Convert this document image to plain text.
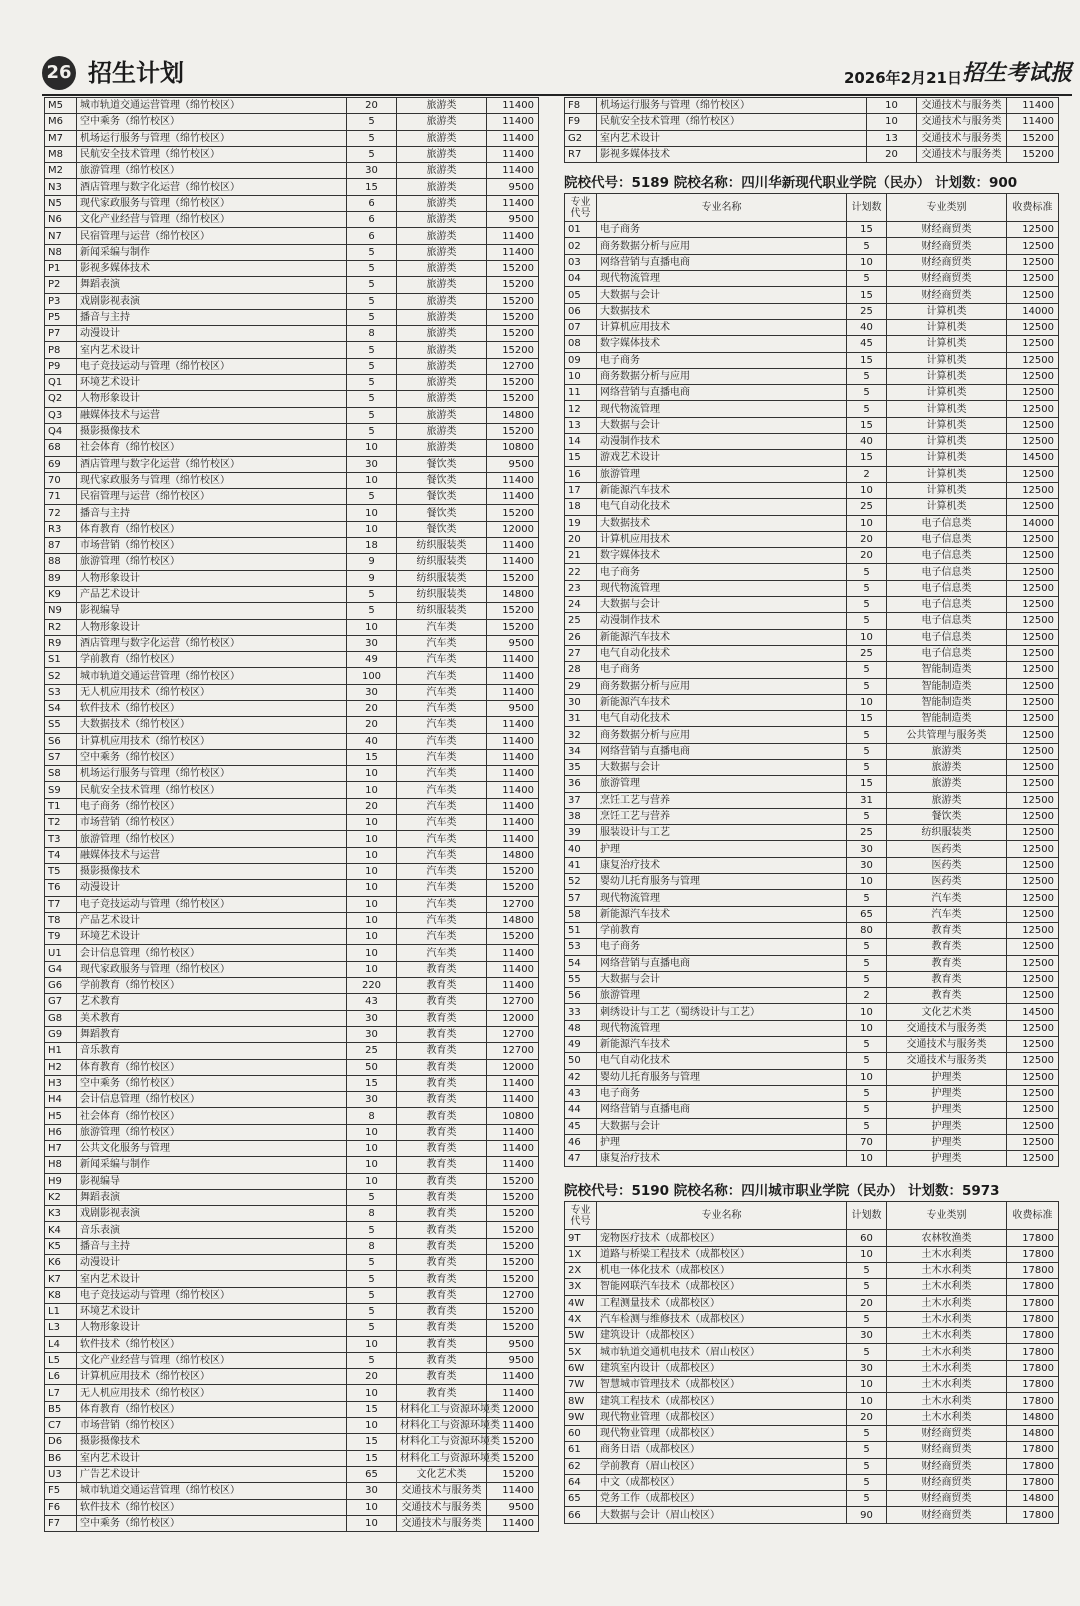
26 招生计划	2026年2月21日 招生考试报
M5	城市轨道交通运营管理（绵竹校区）	20	旅游类	11400
M6	空中乘务（绵竹校区）	5	旅游类	11400
M7	机场运行服务与管理（绵竹校区）	5	旅游类	11400
M8	民航安全技术管理（绵竹校区）	5	旅游类	11400
M2	旅游管理（绵竹校区）	30	旅游类	11400
N3	酒店管理与数字化运营（绵竹校区）	15	旅游类	9500
N5	现代家政服务与管理（绵竹校区）	6	旅游类	11400
N6	文化产业经营与管理（绵竹校区）	6	旅游类	9500
N7	民宿管理与运营（绵竹校区）	6	旅游类	11400
N8	新闻采编与制作	5	旅游类	11400
P1	影视多媒体技术	5	旅游类	15200
P2	舞蹈表演	5	旅游类	15200
P3	戏剧影视表演	5	旅游类	15200
P5	播音与主持	5	旅游类	15200
P7	动漫设计	8	旅游类	15200
P8	室内艺术设计	5	旅游类	15200
P9	电子竞技运动与管理（绵竹校区）	5	旅游类	12700
Q1	环境艺术设计	5	旅游类	15200
Q2	人物形象设计	5	旅游类	15200
Q3	融媒体技术与运营	5	旅游类	14800
Q4	摄影摄像技术	5	旅游类	15200
68	社会体育（绵竹校区）	10	旅游类	10800
69	酒店管理与数字化运营（绵竹校区）	30	餐饮类	9500
70	现代家政服务与管理（绵竹校区）	10	餐饮类	11400
71	民宿管理与运营（绵竹校区）	5	餐饮类	11400
72	播音与主持	10	餐饮类	15200
R3	体育教育（绵竹校区）	10	餐饮类	12000
87	市场营销（绵竹校区）	18	纺织服装类	11400
88	旅游管理（绵竹校区）	9	纺织服装类	11400
89	人物形象设计	9	纺织服装类	15200
K9	产品艺术设计	5	纺织服装类	14800
N9	影视编导	5	纺织服装类	15200
R2	人物形象设计	10	汽车类	15200
R9	酒店管理与数字化运营（绵竹校区）	30	汽车类	9500
S1	学前教育（绵竹校区）	49	汽车类	11400
S2	城市轨道交通运营管理（绵竹校区）	100	汽车类	11400
S3	无人机应用技术（绵竹校区）	30	汽车类	11400
S4	软件技术（绵竹校区）	20	汽车类	9500
S5	大数据技术（绵竹校区）	20	汽车类	11400
S6	计算机应用技术（绵竹校区）	40	汽车类	11400
S7	空中乘务（绵竹校区）	15	汽车类	11400
S8	机场运行服务与管理（绵竹校区）	10	汽车类	11400
S9	民航安全技术管理（绵竹校区）	10	汽车类	11400
T1	电子商务（绵竹校区）	20	汽车类	11400
T2	市场营销（绵竹校区）	10	汽车类	11400
T3	旅游管理（绵竹校区）	10	汽车类	11400
T4	融媒体技术与运营	10	汽车类	14800
T5	摄影摄像技术	10	汽车类	15200
T6	动漫设计	10	汽车类	15200
T7	电子竞技运动与管理（绵竹校区）	10	汽车类	12700
T8	产品艺术设计	10	汽车类	14800
T9	环境艺术设计	10	汽车类	15200
U1	会计信息管理（绵竹校区）	10	汽车类	11400
G4	现代家政服务与管理（绵竹校区）	10	教育类	11400
G6	学前教育（绵竹校区）	220	教育类	11400
G7	艺术教育	43	教育类	12700
G8	美术教育	30	教育类	12000
G9	舞蹈教育	30	教育类	12700
H1	音乐教育	25	教育类	12700
H2	体育教育（绵竹校区）	50	教育类	12000
H3	空中乘务（绵竹校区）	15	教育类	11400
H4	会计信息管理（绵竹校区）	30	教育类	11400
H5	社会体育（绵竹校区）	8	教育类	10800
H6	旅游管理（绵竹校区）	10	教育类	11400
H7	公共文化服务与管理	10	教育类	11400
H8	新闻采编与制作	10	教育类	11400
H9	影视编导	10	教育类	15200
K2	舞蹈表演	5	教育类	15200
K3	戏剧影视表演	8	教育类	15200
K4	音乐表演	5	教育类	15200
K5	播音与主持	8	教育类	15200
K6	动漫设计	5	教育类	15200
K7	室内艺术设计	5	教育类	15200
K8	电子竞技运动与管理（绵竹校区）	5	教育类	12700
L1	环境艺术设计	5	教育类	15200
L3	人物形象设计	5	教育类	15200
L4	软件技术（绵竹校区）	10	教育类	9500
L5	文化产业经营与管理（绵竹校区）	5	教育类	9500
L6	计算机应用技术（绵竹校区）	20	教育类	11400
L7	无人机应用技术（绵竹校区）	10	教育类	11400
B5	体育教育（绵竹校区）	15	材料化工与资源环境类	12000
C7	市场营销（绵竹校区）	10	材料化工与资源环境类	11400
D6	摄影摄像技术	15	材料化工与资源环境类	15200
B6	室内艺术设计	15	材料化工与资源环境类	15200
U3	广告艺术设计	65	文化艺术类	15200
F5	城市轨道交通运营管理（绵竹校区）	30	交通技术与服务类	11400
F6	软件技术（绵竹校区）	10	交通技术与服务类	9500
F7	空中乘务（绵竹校区）	10	交通技术与服务类	11400
F8	机场运行服务与管理（绵竹校区）	10	交通技术与服务类	11400
F9	民航安全技术管理（绵竹校区）	10	交通技术与服务类	11400
G2	室内艺术设计	13	交通技术与服务类	15200
R7	影视多媒体技术	20	交通技术与服务类	15200
院校代号：5189 院校名称：四川华新现代职业学院（民办） 计划数：900
专业代号	专业名称	计划数	专业类别	收费标准
01	电子商务	15	财经商贸类	12500
02	商务数据分析与应用	5	财经商贸类	12500
03	网络营销与直播电商	10	财经商贸类	12500
04	现代物流管理	5	财经商贸类	12500
05	大数据与会计	15	财经商贸类	12500
06	大数据技术	25	计算机类	14000
07	计算机应用技术	40	计算机类	12500
08	数字媒体技术	45	计算机类	12500
09	电子商务	15	计算机类	12500
10	商务数据分析与应用	5	计算机类	12500
11	网络营销与直播电商	5	计算机类	12500
12	现代物流管理	5	计算机类	12500
13	大数据与会计	15	计算机类	12500
14	动漫制作技术	40	计算机类	12500
15	游戏艺术设计	15	计算机类	14500
16	旅游管理	2	计算机类	12500
17	新能源汽车技术	10	计算机类	12500
18	电气自动化技术	25	计算机类	12500
19	大数据技术	10	电子信息类	14000
20	计算机应用技术	20	电子信息类	12500
21	数字媒体技术	20	电子信息类	12500
22	电子商务	5	电子信息类	12500
23	现代物流管理	5	电子信息类	12500
24	大数据与会计	5	电子信息类	12500
25	动漫制作技术	5	电子信息类	12500
26	新能源汽车技术	10	电子信息类	12500
27	电气自动化技术	25	电子信息类	12500
28	电子商务	5	智能制造类	12500
29	商务数据分析与应用	5	智能制造类	12500
30	新能源汽车技术	10	智能制造类	12500
31	电气自动化技术	15	智能制造类	12500
32	商务数据分析与应用	5	公共管理与服务类	12500
34	网络营销与直播电商	5	旅游类	12500
35	大数据与会计	5	旅游类	12500
36	旅游管理	15	旅游类	12500
37	烹饪工艺与营养	31	旅游类	12500
38	烹饪工艺与营养	5	餐饮类	12500
39	服装设计与工艺	25	纺织服装类	12500
40	护理	30	医药类	12500
41	康复治疗技术	30	医药类	12500
52	婴幼儿托育服务与管理	10	医药类	12500
57	现代物流管理	5	汽车类	12500
58	新能源汽车技术	65	汽车类	12500
51	学前教育	80	教育类	12500
53	电子商务	5	教育类	12500
54	网络营销与直播电商	5	教育类	12500
55	大数据与会计	5	教育类	12500
56	旅游管理	2	教育类	12500
33	刺绣设计与工艺（蜀绣设计与工艺）	10	文化艺术类	14500
48	现代物流管理	10	交通技术与服务类	12500
49	新能源汽车技术	5	交通技术与服务类	12500
50	电气自动化技术	5	交通技术与服务类	12500
42	婴幼儿托育服务与管理	10	护理类	12500
43	电子商务	5	护理类	12500
44	网络营销与直播电商	5	护理类	12500
45	大数据与会计	5	护理类	12500
46	护理	70	护理类	12500
47	康复治疗技术	10	护理类	12500
院校代号：5190 院校名称：四川城市职业学院（民办） 计划数：5973
专业代号	专业名称	计划数	专业类别	收费标准
9T	宠物医疗技术（成都校区）	60	农林牧渔类	17800
1X	道路与桥梁工程技术（成都校区）	10	土木水利类	17800
2X	机电一体化技术（成都校区）	5	土木水利类	17800
3X	智能网联汽车技术（成都校区）	5	土木水利类	17800
4W	工程测量技术（成都校区）	20	土木水利类	17800
4X	汽车检测与维修技术（成都校区）	5	土木水利类	17800
5W	建筑设计（成都校区）	30	土木水利类	17800
5X	城市轨道交通机电技术（眉山校区）	5	土木水利类	17800
6W	建筑室内设计（成都校区）	30	土木水利类	17800
7W	智慧城市管理技术（成都校区）	10	土木水利类	17800
8W	建筑工程技术（成都校区）	10	土木水利类	17800
9W	现代物业管理（成都校区）	20	土木水利类	14800
60	现代物业管理（成都校区）	5	财经商贸类	14800
61	商务日语（成都校区）	5	财经商贸类	17800
62	学前教育（眉山校区）	5	财经商贸类	17800
64	中文（成都校区）	5	财经商贸类	17800
65	党务工作（成都校区）	5	财经商贸类	14800
66	大数据与会计（眉山校区）	90	财经商贸类	17800
